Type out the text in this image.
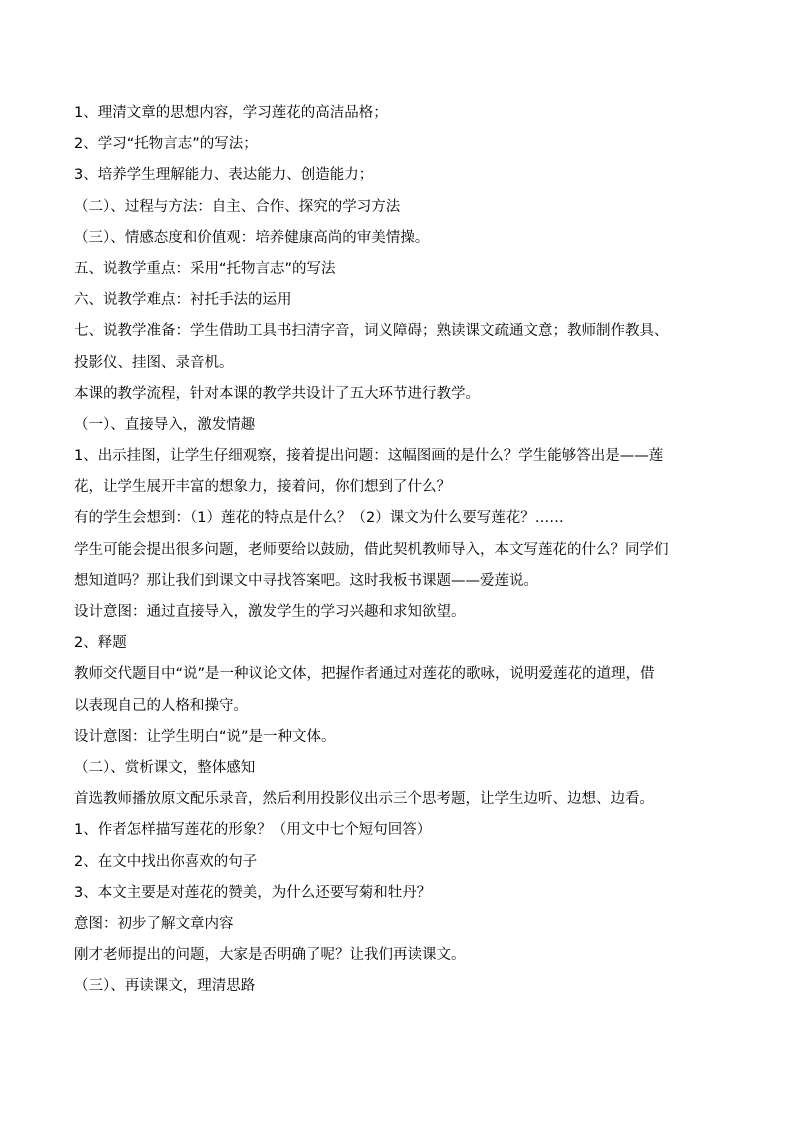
1、理清文章的思想内容，学习莲花的高洁品格；

2、学习“托物言志”的写法；

3、培养学生理解能力、表达能力、创造能力；

（二）、过程与方法：自主、合作、探究的学习方法

（三）、情感态度和价值观：培养健康高尚的审美情操。

五、说教学重点：采用“托物言志”的写法

六、说教学难点：衬托手法的运用

七、说教学准备：学生借助工具书扫清字音，词义障碍；熟读课文疏通文意；教师制作教具、

投影仪、挂图、录音机。

本课的教学流程，针对本课的教学共设计了五大环节进行教学。

（一）、直接导入，激发情趣

1、出示挂图，让学生仔细观察，接着提出问题：这幅图画的是什么？学生能够答出是——莲

花，让学生展开丰富的想象力，接着问，你们想到了什么？

有的学生会想到：（1）莲花的特点是什么？（2）课文为什么要写莲花？……

学生可能会提出很多问题，老师要给以鼓励，借此契机教师导入，本文写莲花的什么？同学们

想知道吗？那让我们到课文中寻找答案吧。这时我板书课题——爱莲说。

设计意图：通过直接导入，激发学生的学习兴趣和求知欲望。

2、释题

教师交代题目中“说”是一种议论文体，把握作者通过对莲花的歌咏，说明爱莲花的道理，借

以表现自己的人格和操守。

设计意图：让学生明白“说”是一种文体。

（二）、赏析课文，整体感知

首选教师播放原文配乐录音，然后利用投影仪出示三个思考题，让学生边听、边想、边看。

1、作者怎样描写莲花的形象？（用文中七个短句回答）

2、在文中找出你喜欢的句子

3、本文主要是对莲花的赞美，为什么还要写菊和牡丹？

意图：初步了解文章内容

刚才老师提出的问题，大家是否明确了呢？让我们再读课文。

（三）、再读课文，理清思路
